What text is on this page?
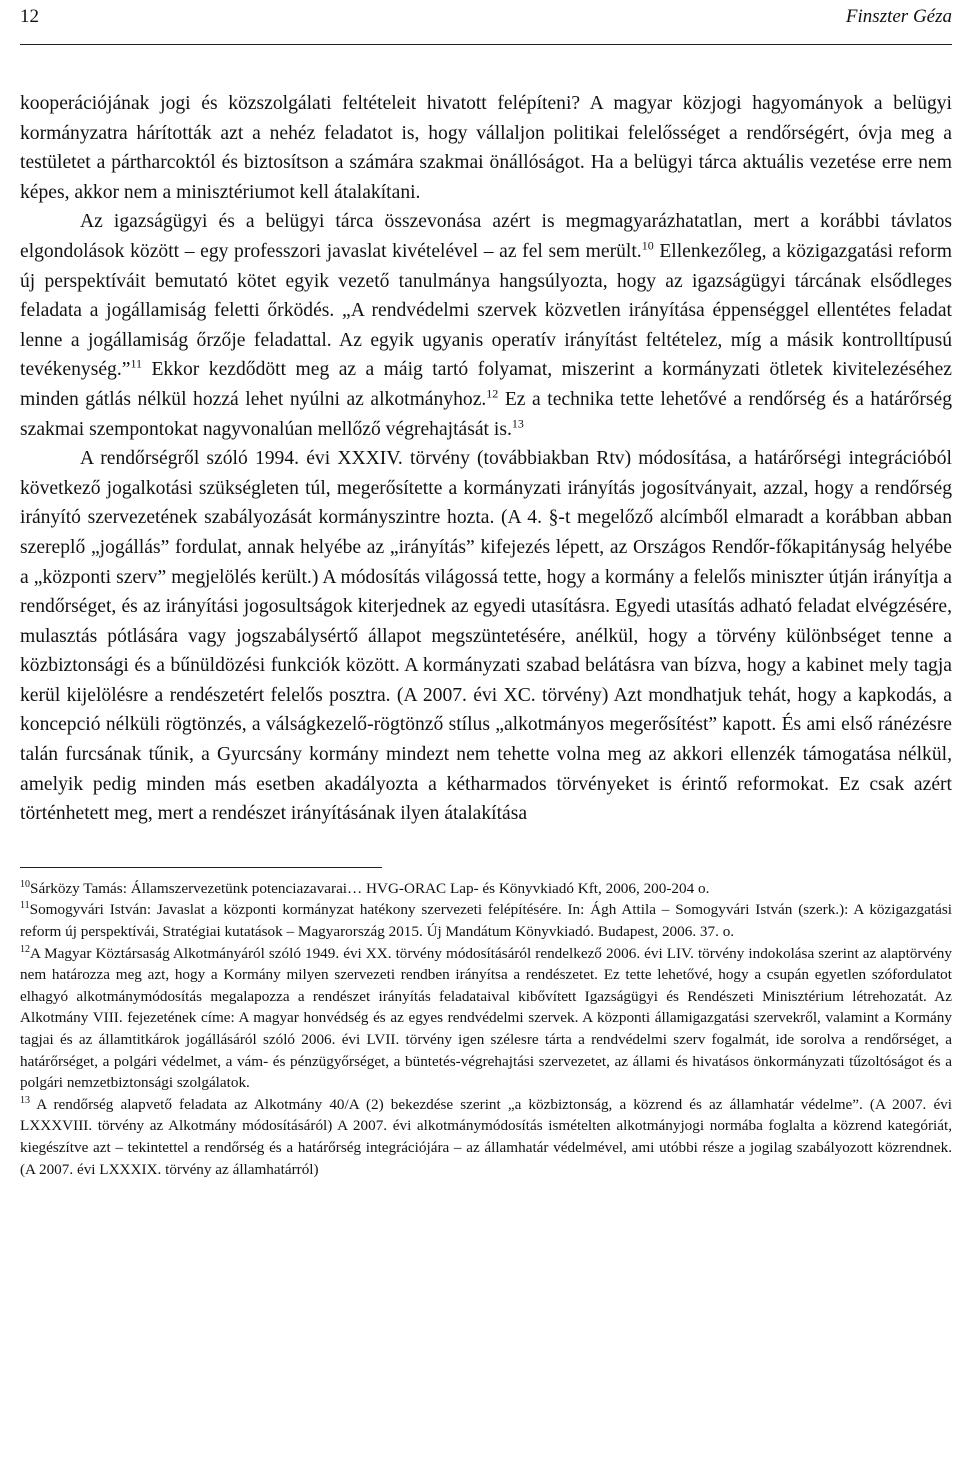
12	Finszter Géza

kooperációjának jogi és közszolgálati feltételeit hivatott felépíteni? A magyar közjogi hagyományok a belügyi kormányzatra hárították azt a nehéz feladatot is, hogy vállaljon politikai felelősséget a rendőrségért, óvja meg a testületet a pártharcoktól és biztosítson a számára szakmai önállóságot. Ha a belügyi tárca aktuális vezetése erre nem képes, akkor nem a minisztériumot kell átalakítani.

Az igazságügyi és a belügyi tárca összevonása azért is megmagyarázhatatlan, mert a korábbi távlatos elgondolások között – egy professzori javaslat kivételével – az fel sem merült.$^{10}$ Ellenkezőleg, a közigazgatási reform új perspektíváit bemutató kötet egyik vezető tanulmánya hangsúlyozta, hogy az igazságügyi tárcának elsődleges feladata a jogállamiság feletti őrködés. „A rendvédelmi szervek közvetlen irányítása éppenséggel ellentétes feladat lenne a jogállamiság őrzője feladattal. Az egyik ugyanis operatív irányítást feltételez, míg a másik kontrolltípusú tevékenység.”$^{11}$ Ekkor kezdődött meg az a máig tartó folyamat, miszerint a kormányzati ötletek kivitelezéséhez minden gátlás nélkül hozzá lehet nyúlni az alkotmányhoz.$^{12}$ Ez a technika tette lehetővé a rendőrség és a határőrség szakmai szempontokat nagyvonalúan mellőző végrehajtását is.$^{13}$

A rendőrségről szóló 1994. évi XXXIV. törvény (továbbiakban Rtv) módosítása, a határőrségi integrációból következő jogalkotási szükségleten túl, megerősítette a kormányzati irányítás jogosítványait, azzal, hogy a rendőrség irányító szervezetének szabályozását kormányszintre hozta. (A 4. §-t megelőző alcímből elmaradt a korábban abban szereplő „jogállás” fordulat, annak helyébe az „irányítás” kifejezés lépett, az Országos Rendőr-főkapitányság helyébe a „központi szerv” megjelölés került.) A módosítás világossá tette, hogy a kormány a felelős miniszter útján irányítja a rendőrséget, és az irányítási jogosultságok kiterjednek az egyedi utasításra. Egyedi utasítás adható feladat elvégzésére, mulasztás pótlására vagy jogszabálysértő állapot megszüntetésére, anélkül, hogy a törvény különbséget tenne a közbiztonsági és a bűnüldözési funkciók között. A kormányzati szabad belátásra van bízva, hogy a kabinet mely tagja kerül kijelölésre a rendészetért felelős posztra. (A 2007. évi XC. törvény) Azt mondhatjuk tehát, hogy a kapkodás, a koncepció nélküli rögtönzés, a válságkezelő-rögtönző stílus „alkotmányos megerősítést” kapott. És ami első ránézésre talán furcsának tűnik, a Gyurcsány kormány mindezt nem tehette volna meg az akkori ellenzék támogatása nélkül, amelyik pedig minden más esetben akadályozta a kétharmados törvényeket is érintő reformokat. Ez csak azért történhetett meg, mert a rendészet irányításának ilyen átalakítása

$^{10}$Sárközy Tamás: Államszervezetünk potenciazavarai… HVG-ORAC Lap- és Könyvkiadó Kft, 2006, 200-204 o.

$^{11}$Somogyvári István: Javaslat a központi kormányzat hatékony szervezeti felépítésére. In: Ágh Attila – Somogyvári István (szerk.): A közigazgatási reform új perspektívái, Stratégiai kutatások – Magyarország 2015. Új Mandátum Könyvkiadó. Budapest, 2006. 37. o.

$^{12}$A Magyar Köztársaság Alkotmányáról szóló 1949. évi XX. törvény módosításáról rendelkező 2006. évi LIV. törvény indokolása szerint az alaptörvény nem határozza meg azt, hogy a Kormány milyen szervezeti rendben irányítsa a rendészetet. Ez tette lehetővé, hogy a csupán egyetlen szófordulatot elhagyó alkotmánymódosítás megalapozza a rendészet irányítás feladataival kibővített Igazságügyi és Rendészeti Minisztérium létrehozatát. Az Alkotmány VIII. fejezetének címe: A magyar honvédség és az egyes rendvédelmi szervek. A központi államigazgatási szervekről, valamint a Kormány tagjai és az államtitkárok jogállásáról szóló 2006. évi LVII. törvény igen szélesre tárta a rendvédelmi szerv fogalmát, ide sorolva a rendőrséget, a határőrséget, a polgári védelmet, a vám- és pénzügyőrséget, a büntetés-végrehajtási szervezetet, az állami és hivatásos önkormányzati tűzoltóságot és a polgári nemzetbiztonsági szolgálatok.

$^{13}$ A rendőrség alapvető feladata az Alkotmány 40/A (2) bekezdése szerint „a közbiztonság, a közrend és az államhatár védelme”. (A 2007. évi LXXXVIII. törvény az Alkotmány módosításáról) A 2007. évi alkotmánymódosítás ismételten alkotmányjogi normába foglalta a közrend kategóriát, kiegészítve azt – tekintettel a rendőrség és a határőrség integrációjára – az államhatár védelmével, ami utóbbi része a jogilag szabályozott közrendnek. (A 2007. évi LXXXIX. törvény az államhatárról)
